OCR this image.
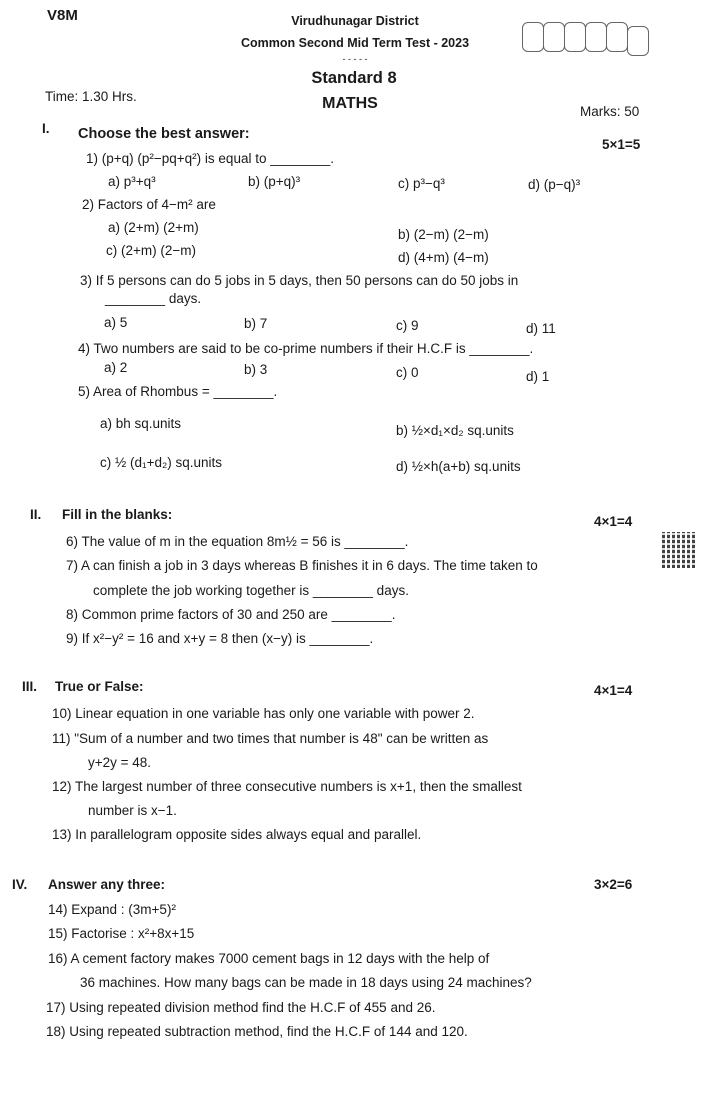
V8M	Virudhunagar District
Common Second Mid Term Test - 2023
- - - - -
Standard 8
Time: 1.30 Hrs.	MATHS	Marks: 50
I. Choose the best answer:
5×1=5
1) (p+q) (p²−pq+q²) is equal to ________.
a) p³+q³	b) (p+q)³	c) p³−q³	d) (p−q)³
2) Factors of 4−m² are
a) (2+m) (2+m)	b) (2−m) (2−m)
c) (2+m) (2−m)	d) (4+m) (4−m)
3) If 5 persons can do 5 jobs in 5 days, then 50 persons can do 50 jobs in
________ days.
a) 5	b) 7	c) 9	d) 11
4) Two numbers are said to be co-prime numbers if their H.C.F is ________.
a) 2	b) 3	c) 0	d) 1
5) Area of Rhombus = ________.
a) bh sq.units	b) ½×d₁×d₂ sq.units
c) ½ (d₁+d₂) sq.units	d) ½×h(a+b) sq.units
II. Fill in the blanks:	4×1=4
6) The value of m in the equation 8m½ = 56 is ________.
7) A can finish a job in 3 days whereas B finishes it in 6 days. The time taken to
complete the job working together is ________ days.
8) Common prime factors of 30 and 250 are ________.
9) If x²−y² = 16 and x+y = 8 then (x−y) is ________.
III. True or False:	4×1=4
10) Linear equation in one variable has only one variable with power 2.
11) "Sum of a number and two times that number is 48" can be written as
y+2y = 48.
12) The largest number of three consecutive numbers is x+1, then the smallest
number is x−1.
13) In parallelogram opposite sides always equal and parallel.
IV. Answer any three:	3×2=6
14) Expand : (3m+5)²
15) Factorise : x²+8x+15
16) A cement factory makes 7000 cement bags in 12 days with the help of
36 machines. How many bags can be made in 18 days using 24 machines?
17) Using repeated division method find the H.C.F of 455 and 26.
18) Using repeated subtraction method, find the H.C.F of 144 and 120.
